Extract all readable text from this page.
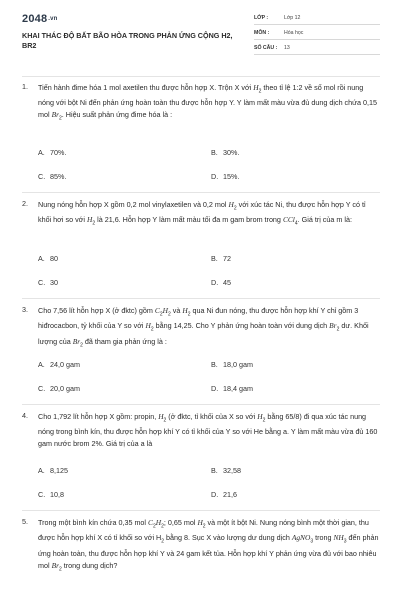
2048.vn
KHAI THÁC ĐỘ BẤT BÃO HÒA TRONG PHẢN ỨNG CỘNG H2, BR2
LỚP :	Lớp 12
MÔN :	Hóa học
SỐ CÂU : 13
1. Tiến hành đime hóa 1 mol axetilen thu được hỗn hợp X. Trộn X với $H_2$ theo tỉ lệ 1:2 về số mol rồi nung nóng với bột Ni đến phản ứng hoàn toàn thu được hỗn hợp Y. Y làm mất màu vừa đủ dung dịch chứa 0,15 mol $Br_2$. Hiệu suất phản ứng đime hóa là :
A. 70%.	B. 30%.
C. 85%.	D. 15%.
2. Nung nóng hỗn hợp X gồm 0,2 mol vinylaxetilen và 0,2 mol $H_2$ với xúc tác Ni, thu được hỗn hợp Y có tỉ khối hơi so với $H_2$ là 21,6. Hỗn hợp Y làm mất màu tối đa m gam brom trong CCl$_4$. Giá trị của m là:
A. 80	B. 72
C. 30	D. 45
3. Cho 7,56 lít hỗn hợp X (ở đktc) gồm $C_2H_2$ và $H_2$ qua Ni đun nóng, thu được hỗn hợp khí Y chỉ gồm 3 hiđrocacbon, tỷ khối của Y so với $H_2$ bằng 14,25. Cho Y phản ứng hoàn toàn với dung dịch $Br_2$ dư. Khối lượng của $Br_2$ đã tham gia phản ứng là :
A. 24,0 gam	B. 18,0 gam
C. 20,0 gam	D. 18,4 gam
4. Cho 1,792 lít hỗn hợp X gồm: propin, $H_2$ (ở đktc, tỉ khối của X so với $H_2$ bằng 65/8) đi qua xúc tác nung nóng trong bình kín, thu được hỗn hợp khí Y có tỉ khối của Y so với He bằng a. Y làm mất màu vừa đủ 160 gam nước brom 2%. Giá trị của a là
A. 8,125	B. 32,58
C. 10,8	D. 21,6
5. Trong một bình kín chứa 0,35 mol $C_2H_2$; 0,65 mol $H_2$ và một ít bột Ni. Nung nóng bình một thời gian, thu được hỗn hợp khí X có tỉ khối so với $H_2$ bằng 8. Sục X vào lượng dư dung dịch AgNO$_3$ trong $NH_3$ đến phản ứng hoàn toàn, thu được hỗn hợp khí Y và 24 gam kết tủa. Hỗn hợp khí Y phản ứng vừa đủ với bao nhiêu mol $Br_2$ trong dung dịch?
